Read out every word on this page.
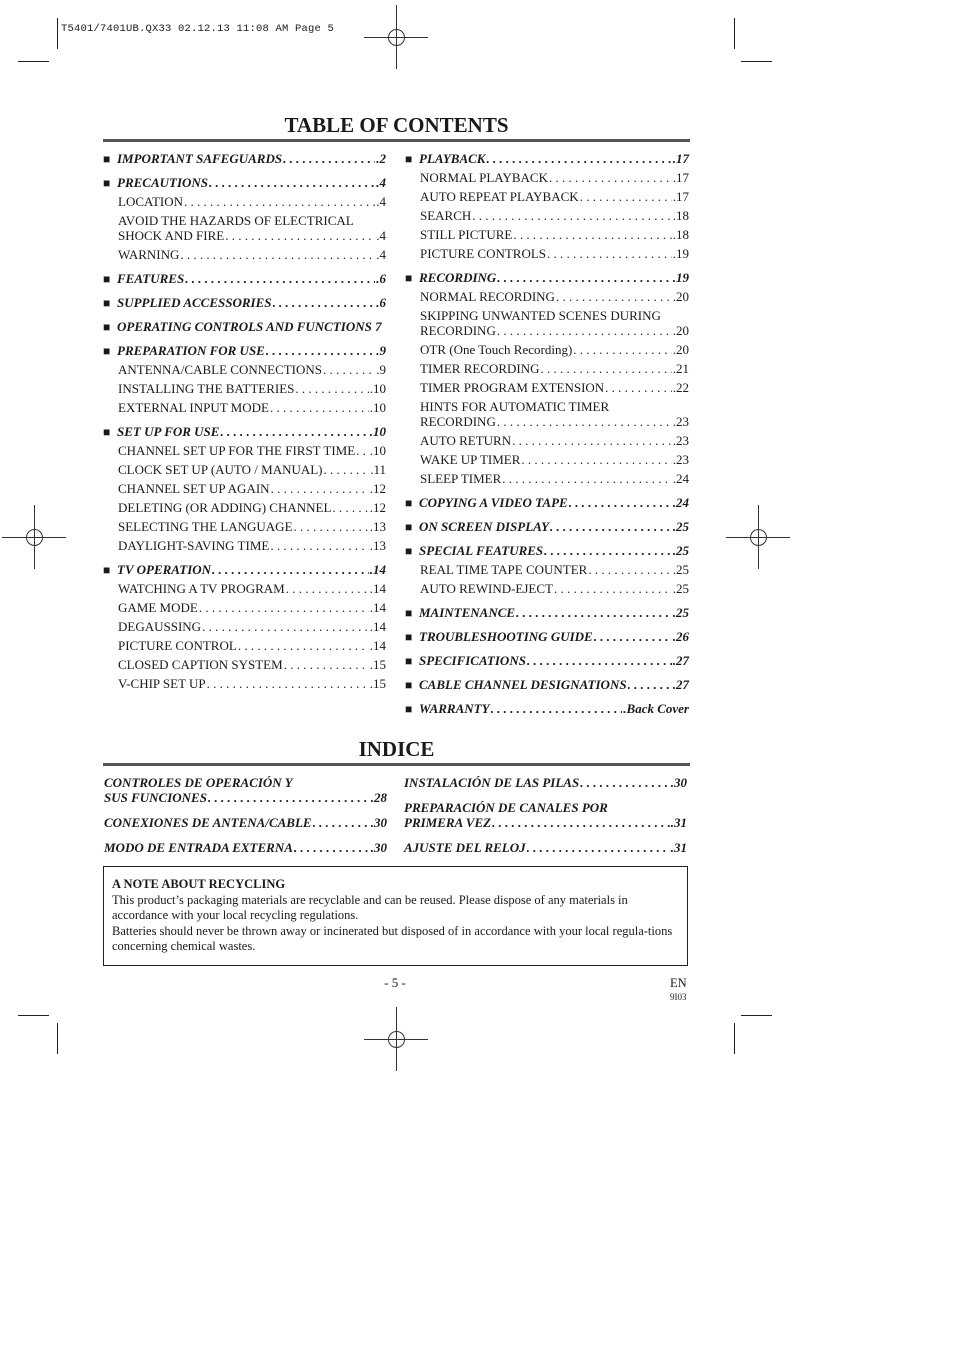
T5401/7401UB.QX33 02.12.13 11:08 AM Page 5
TABLE OF CONTENTS
■ IMPORTANT SAFEGUARDS . . .	.2
■ PRECAUTIONS . . .	.4
LOCATION . . .	.4
AVOID THE HAZARDS OF ELECTRICAL
SHOCK AND FIRE . . .	.4
WARNING . . .	.4
■ FEATURES . . .	.6
■ SUPPLIED ACCESSORIES . . .	.6
■ OPERATING CONTROLS AND FUNCTIONS 7
■ PREPARATION FOR USE . . .	.9
ANTENNA/CABLE CONNECTIONS . . .	.9
INSTALLING THE BATTERIES . . .	.10
EXTERNAL INPUT MODE . . .	.10
■ SET UP FOR USE . . .	.10
CHANNEL SET UP FOR THE FIRST TIME . . . .10
CLOCK SET UP (AUTO / MANUAL) . . .	.11
CHANNEL SET UP AGAIN . . .	.12
DELETING (OR ADDING) CHANNEL . . .	.12
SELECTING THE LANGUAGE . . .	.13
DAYLIGHT-SAVING TIME . . .	.13
■ TV OPERATION . . .	.14
WATCHING A TV PROGRAM . . .	.14
GAME MODE . . .	.14
DEGAUSSING . . .	.14
PICTURE CONTROL . . .	.14
CLOSED CAPTION SYSTEM . . .	.15
V-CHIP SET UP . . .	.15
■ PLAYBACK . . .	.17
NORMAL PLAYBACK . . .	.17
AUTO REPEAT PLAYBACK . . .	.17
SEARCH . . .	.18
STILL PICTURE . . .	.18
PICTURE CONTROLS . . .	.19
■ RECORDING . . .	.19
NORMAL RECORDING . . .	.20
SKIPPING UNWANTED SCENES DURING
RECORDING . . .	.20
OTR (One Touch Recording) . . .	.20
TIMER RECORDING . . .	.21
TIMER PROGRAM EXTENSION . . .	.22
HINTS FOR AUTOMATIC TIMER
RECORDING . . .	.23
AUTO RETURN . . .	.23
WAKE UP TIMER . . .	.23
SLEEP TIMER . . .	.24
■ COPYING A VIDEO TAPE . . .	.24
■ ON SCREEN DISPLAY . . .	.25
■ SPECIAL FEATURES . . .	.25
REAL TIME TAPE COUNTER . . .	.25
AUTO REWIND-EJECT . . .	.25
■ MAINTENANCE . . .	.25
■ TROUBLESHOOTING GUIDE . . .	.26
■ SPECIFICATIONS . . .	.27
■ CABLE CHANNEL DESIGNATIONS . . .	.27
■ WARRANTY . . .	.Back Cover
INDICE
CONTROLES DE OPERACIÓN Y
SUS FUNCIONES . . .	.28
CONEXIONES DE ANTENA/CABLE . . .	.30
MODO DE ENTRADA EXTERNA . . .	.30
INSTALACIÓN DE LAS PILAS . . .	.30
PREPARACIÓN DE CANALES POR
PRIMERA VEZ . . .	.31
AJUSTE DEL RELOJ . . .	.31
A NOTE ABOUT RECYCLING
This product’s packaging materials are recyclable and can be reused. Please dispose of any materials in accordance with your local recycling regulations.
Batteries should never be thrown away or incinerated but disposed of in accordance with your local regula-tions concerning chemical wastes.
- 5 -	EN
9I03
